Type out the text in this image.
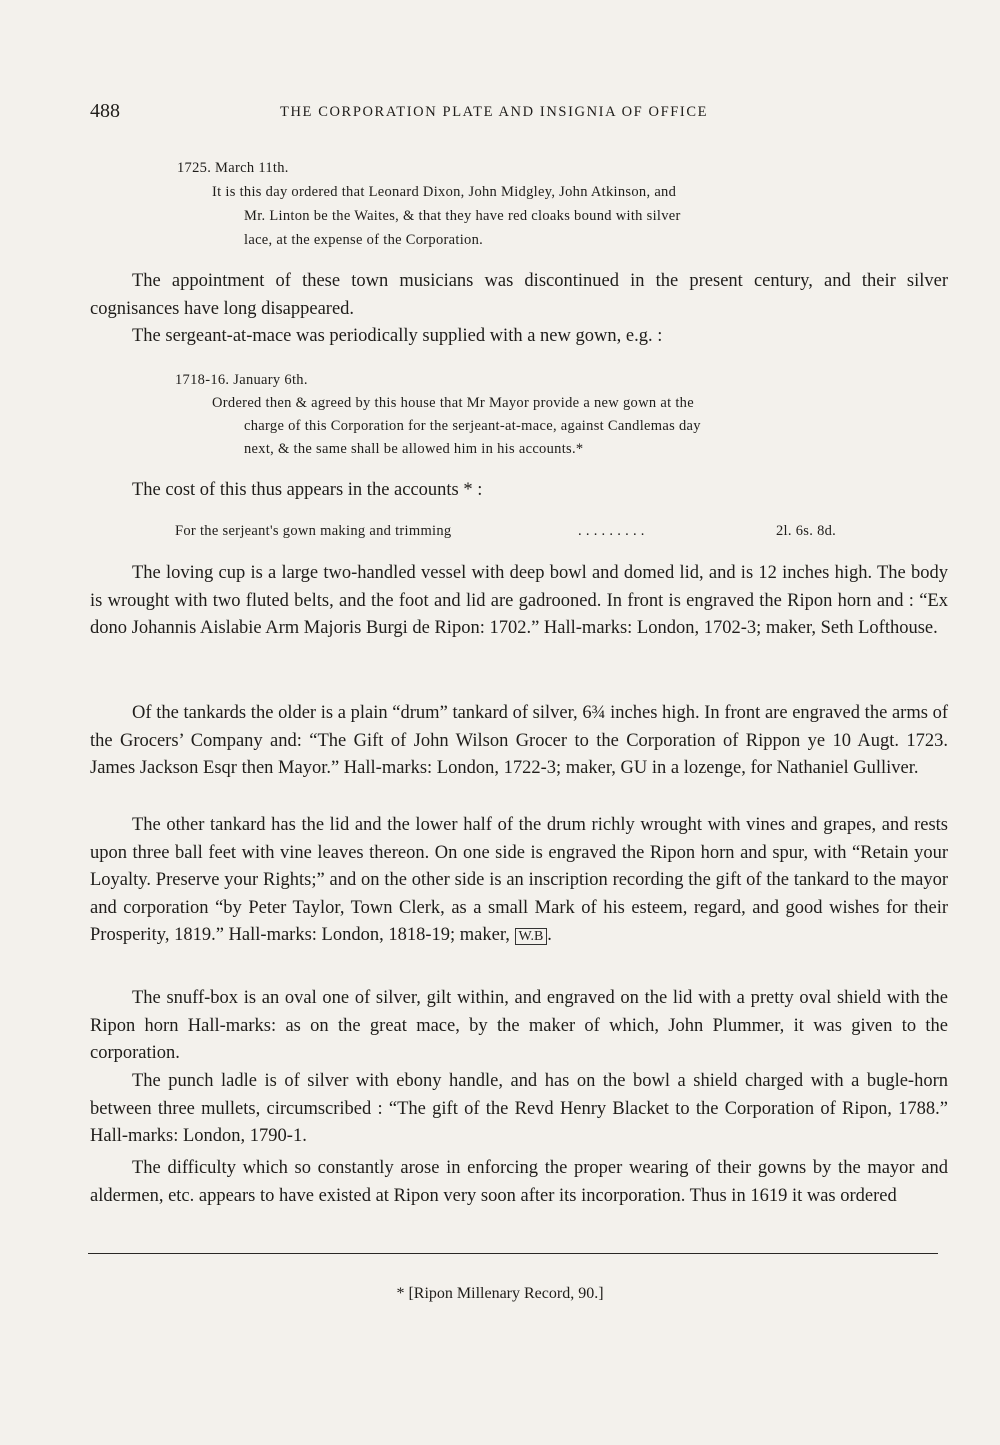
488	THE CORPORATION PLATE AND INSIGNIA OF OFFICE
1725. March 11th.
It is this day ordered that Leonard Dixon, John Midgley, John Atkinson, and
Mr. Linton be the Waites, & that they have red cloaks bound with silver
lace, at the expense of the Corporation.
The appointment of these town musicians was discontinued in the present century, and their silver cognisances have long disappeared.
The sergeant-at-mace was periodically supplied with a new gown, e.g. :
1718-16. January 6th.
Ordered then & agreed by this house that Mr Mayor provide a new gown at the
charge of this Corporation for the serjeant-at-mace, against Candlemas day
next, & the same shall be allowed him in his accounts.*
The cost of this thus appears in the accounts * :
For the serjeant's gown making and trimming	. . . . . . . . .	2l. 6s. 8d.
The loving cup is a large two-handled vessel with deep bowl and domed lid, and is 12 inches high. The body is wrought with two fluted belts, and the foot and lid are gadrooned. In front is engraved the Ripon horn and : “Ex dono Johannis Aislabie Arm Majoris Burgi de Ripon: 1702.” Hall-marks: London, 1702-3; maker, Seth Lofthouse.
Of the tankards the older is a plain “drum” tankard of silver, 6¾ inches high. In front are engraved the arms of the Grocers’ Company and: “The Gift of John Wilson Grocer to the Corporation of Rippon ye 10 Augt. 1723. James Jackson Esqr then Mayor.” Hall-marks: London, 1722-3; maker, GU in a lozenge, for Nathaniel Gulliver.
The other tankard has the lid and the lower half of the drum richly wrought with vines and grapes, and rests upon three ball feet with vine leaves thereon. On one side is engraved the Ripon horn and spur, with “Retain your Loyalty. Preserve your Rights;” and on the other side is an inscription recording the gift of the tankard to the mayor and corporation “by Peter Taylor, Town Clerk, as a small Mark of his esteem, regard, and good wishes for their Prosperity, 1819.” Hall-marks: London, 1818-19; maker, W.B .
The snuff-box is an oval one of silver, gilt within, and engraved on the lid with a pretty oval shield with the Ripon horn Hall-marks: as on the great mace, by the maker of which, John Plummer, it was given to the corporation.
The punch ladle is of silver with ebony handle, and has on the bowl a shield charged with a bugle-horn between three mullets, circumscribed : “The gift of the Revd Henry Blacket to the Corporation of Ripon, 1788.” Hall-marks: London, 1790-1.
The difficulty which so constantly arose in enforcing the proper wearing of their gowns by the mayor and aldermen, etc. appears to have existed at Ripon very soon after its incorporation. Thus in 1619 it was ordered
* [Ripon Millenary Record, 90.]
